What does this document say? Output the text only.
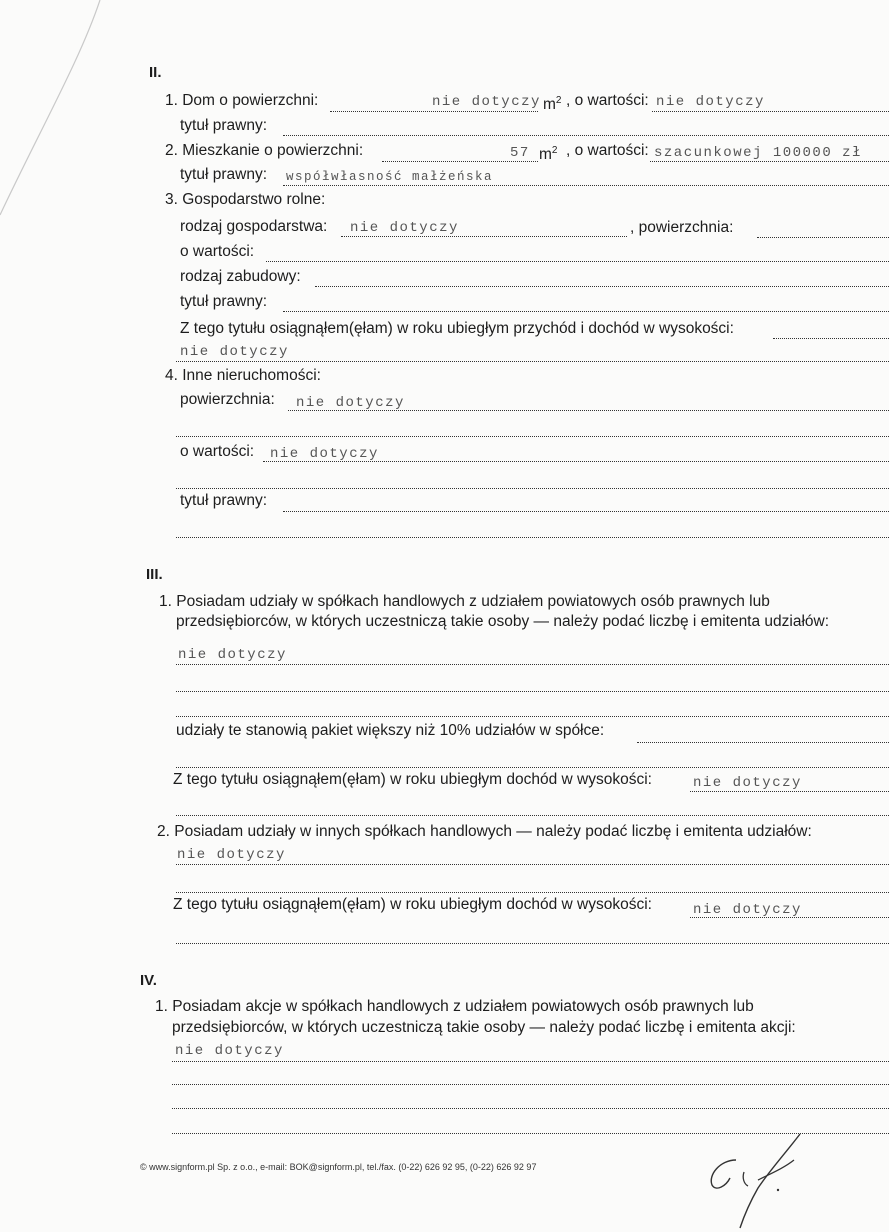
II.
1. Dom o powierzchni:	nie dotyczy $m^2$ , o wartości: nie dotyczy
tytuł prawny:
2. Mieszkanie o powierzchni:	57 $m^2$ , o wartości: szacunkowej 100000 zł
tytuł prawny: współwłasność małżeńska
3. Gospodarstwo rolne:
rodzaj gospodarstwa: nie dotyczy	, powierzchnia:
o wartości:
rodzaj zabudowy:
tytuł prawny:
Z tego tytułu osiągnąłem(ęłam) w roku ubiegłym przychód i dochód w wysokości:
nie dotyczy
4. Inne nieruchomości:
powierzchnia: nie dotyczy
o wartości: nie dotyczy
tytuł prawny:
III.
1. Posiadam udziały w spółkach handlowych z udziałem powiatowych osób prawnych lub
przedsiębiorców, w których uczestniczą takie osoby — należy podać liczbę i emitenta udziałów:
nie dotyczy
udziały te stanowią pakiet większy niż 10% udziałów w spółce:
Z tego tytułu osiągnąłem(ęłam) w roku ubiegłym dochód w wysokości:	nie dotyczy
2. Posiadam udziały w innych spółkach handlowych — należy podać liczbę i emitenta udziałów:
nie dotyczy
Z tego tytułu osiągnąłem(ęłam) w roku ubiegłym dochód w wysokości:	nie dotyczy
IV.
1. Posiadam akcje w spółkach handlowych z udziałem powiatowych osób prawnych lub
przedsiębiorców, w których uczestniczą takie osoby — należy podać liczbę i emitenta akcji:
nie dotyczy
© www.signform.pl Sp. z o.o., e-mail: BOK@signform.pl, tel./fax. (0-22) 626 92 95, (0-22) 626 92 97
